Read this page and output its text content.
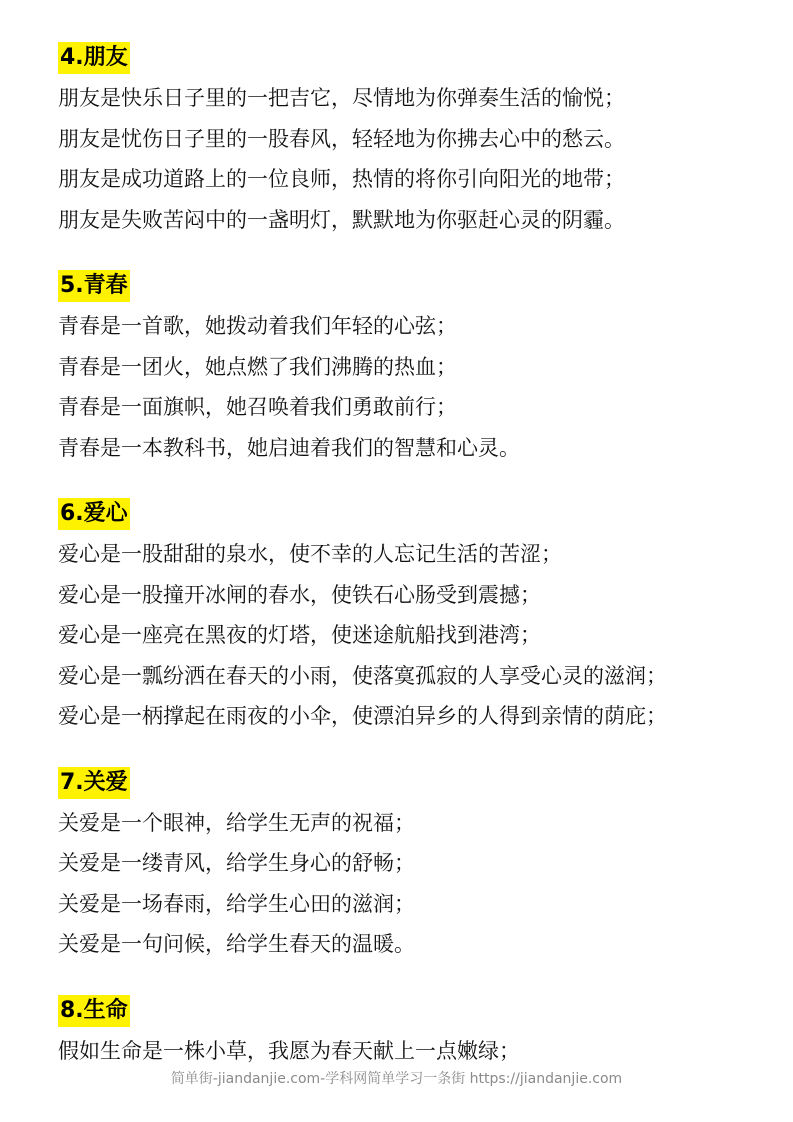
4.朋友
朋友是快乐日子里的一把吉它，尽情地为你弹奏生活的愉悦；
朋友是忧伤日子里的一股春风，轻轻地为你拂去心中的愁云。
朋友是成功道路上的一位良师，热情的将你引向阳光的地带；
朋友是失败苦闷中的一盏明灯，默默地为你驱赶心灵的阴霾。
5.青春
青春是一首歌，她拨动着我们年轻的心弦；
青春是一团火，她点燃了我们沸腾的热血；
青春是一面旗帜，她召唤着我们勇敢前行；
青春是一本教科书，她启迪着我们的智慧和心灵。
6.爱心
爱心是一股甜甜的泉水，使不幸的人忘记生活的苦涩；
爱心是一股撞开冰闸的春水，使铁石心肠受到震撼；
爱心是一座亮在黑夜的灯塔，使迷途航船找到港湾；
爱心是一瓢纷洒在春天的小雨，使落寞孤寂的人享受心灵的滋润；
爱心是一柄撑起在雨夜的小伞，使漂泊异乡的人得到亲情的荫庇；
7.关爱
关爱是一个眼神，给学生无声的祝福；
关爱是一缕青风，给学生身心的舒畅；
关爱是一场春雨，给学生心田的滋润；
关爱是一句问候，给学生春天的温暖。
8.生命
假如生命是一株小草，我愿为春天献上一点嫩绿；
简单街-jiandanjie.com-学科网简单学习一条街 https://jiandanjie.com
